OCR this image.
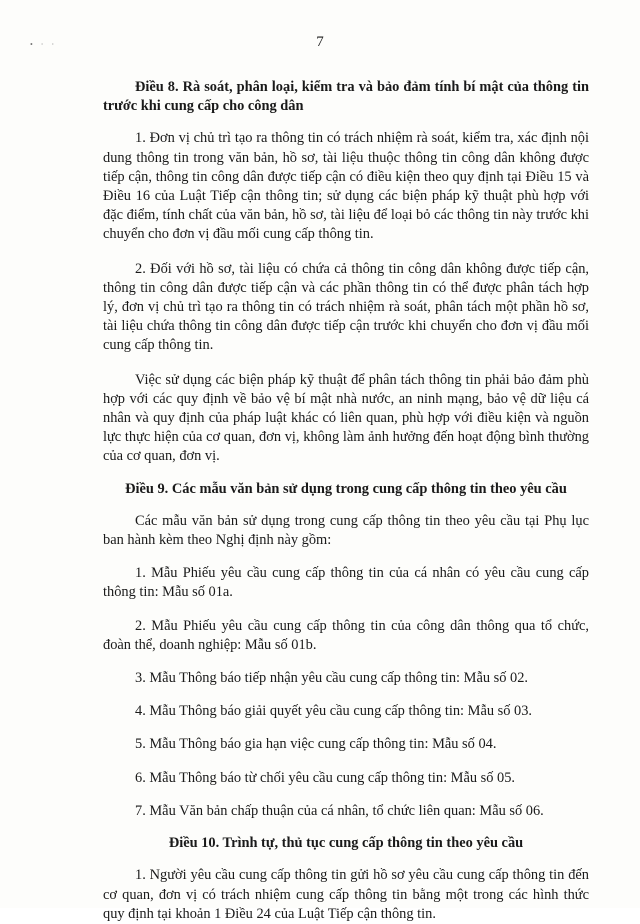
• · ·	7

Điều 8. Rà soát, phân loại, kiểm tra và bảo đảm tính bí mật của thông tin trước khi cung cấp cho công dân

1. Đơn vị chủ trì tạo ra thông tin có trách nhiệm rà soát, kiểm tra, xác định nội dung thông tin trong văn bản, hồ sơ, tài liệu thuộc thông tin công dân không được tiếp cận, thông tin công dân được tiếp cận có điều kiện theo quy định tại Điều 15 và Điều 16 của Luật Tiếp cận thông tin; sử dụng các biện pháp kỹ thuật phù hợp với đặc điểm, tính chất của văn bản, hồ sơ, tài liệu để loại bỏ các thông tin này trước khi chuyển cho đơn vị đầu mối cung cấp thông tin.

2. Đối với hồ sơ, tài liệu có chứa cả thông tin công dân không được tiếp cận, thông tin công dân được tiếp cận và các phần thông tin có thể được phân tách hợp lý, đơn vị chủ trì tạo ra thông tin có trách nhiệm rà soát, phân tách một phần hồ sơ, tài liệu chứa thông tin công dân được tiếp cận trước khi chuyển cho đơn vị đầu mối cung cấp thông tin.

Việc sử dụng các biện pháp kỹ thuật để phân tách thông tin phải bảo đảm phù hợp với các quy định về bảo vệ bí mật nhà nước, an ninh mạng, bảo vệ dữ liệu cá nhân và quy định của pháp luật khác có liên quan, phù hợp với điều kiện và nguồn lực thực hiện của cơ quan, đơn vị, không làm ảnh hưởng đến hoạt động bình thường của cơ quan, đơn vị.

Điều 9. Các mẫu văn bản sử dụng trong cung cấp thông tin theo yêu cầu

Các mẫu văn bản sử dụng trong cung cấp thông tin theo yêu cầu tại Phụ lục ban hành kèm theo Nghị định này gồm:

1. Mẫu Phiếu yêu cầu cung cấp thông tin của cá nhân có yêu cầu cung cấp thông tin: Mẫu số 01a.

2. Mẫu Phiếu yêu cầu cung cấp thông tin của công dân thông qua tổ chức, đoàn thể, doanh nghiệp: Mẫu số 01b.

3. Mẫu Thông báo tiếp nhận yêu cầu cung cấp thông tin: Mẫu số 02.

4. Mẫu Thông báo giải quyết yêu cầu cung cấp thông tin: Mẫu số 03.

5. Mẫu Thông báo gia hạn việc cung cấp thông tin: Mẫu số 04.

6. Mẫu Thông báo từ chối yêu cầu cung cấp thông tin: Mẫu số 05.

7. Mẫu Văn bản chấp thuận của cá nhân, tổ chức liên quan: Mẫu số 06.

Điều 10. Trình tự, thủ tục cung cấp thông tin theo yêu cầu

1. Người yêu cầu cung cấp thông tin gửi hồ sơ yêu cầu cung cấp thông tin đến cơ quan, đơn vị có trách nhiệm cung cấp thông tin bằng một trong các hình thức quy định tại khoản 1 Điều 24 của Luật Tiếp cận thông tin.
